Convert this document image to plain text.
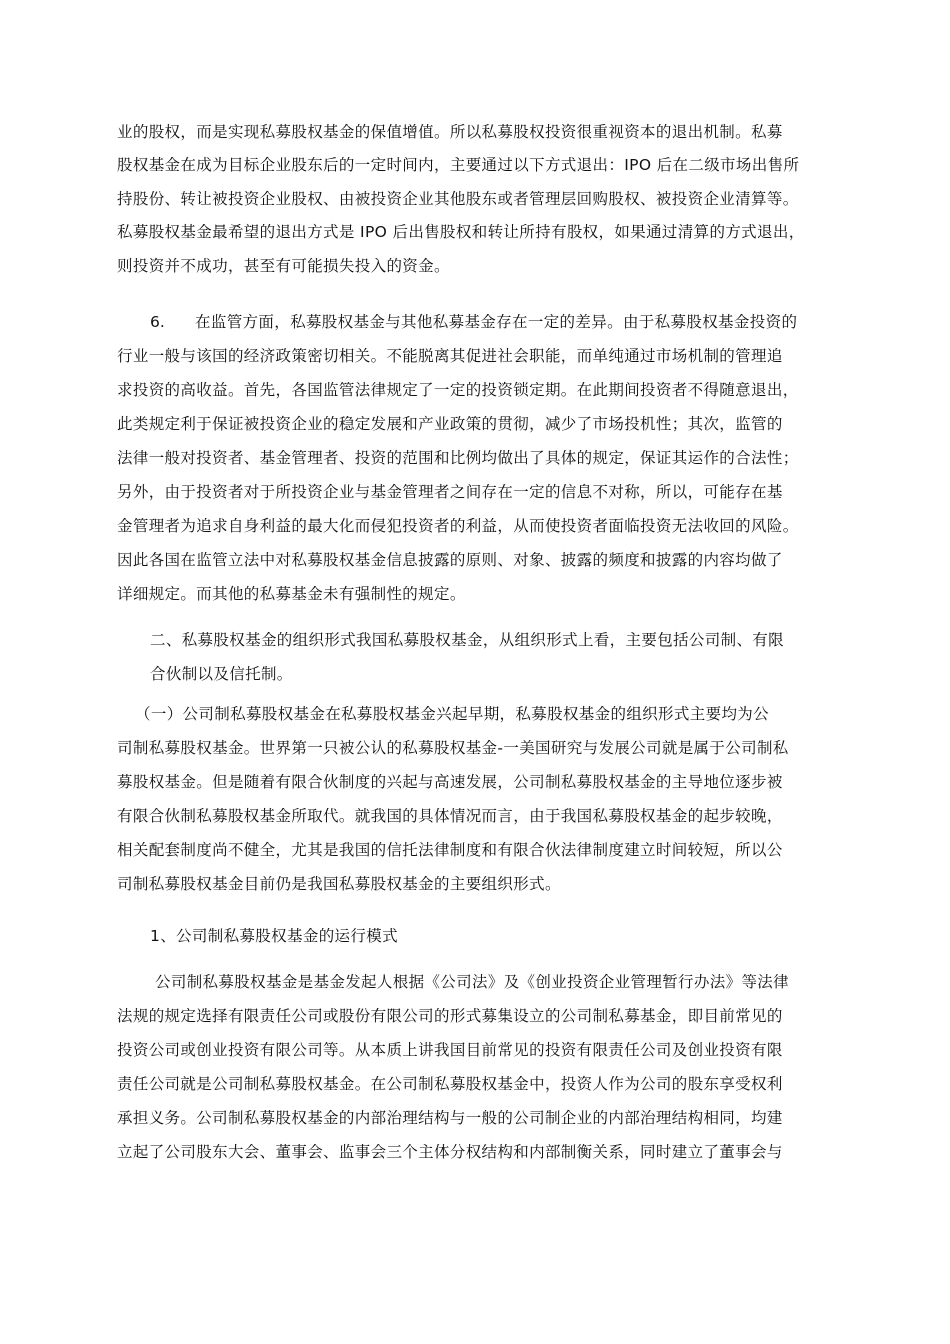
业的股权，而是实现私募股权基金的保值增值。所以私募股权投资很重视资本的退出机制。私募
股权基金在成为目标企业股东后的一定时间内，主要通过以下方式退出：IPO 后在二级市场出售所
持股份、转让被投资企业股权、由被投资企业其他股东或者管理层回购股权、被投资企业清算等。
私募股权基金最希望的退出方式是 IPO 后出售股权和转让所持有股权，如果通过清算的方式退出，
则投资并不成功，甚至有可能损失投入的资金。
6. 在监管方面，私募股权基金与其他私募基金存在一定的差异。由于私募股权基金投资的
行业一般与该国的经济政策密切相关。不能脱离其促进社会职能，而单纯通过市场机制的管理追
求投资的高收益。首先，各国监管法律规定了一定的投资锁定期。在此期间投资者不得随意退出，
此类规定利于保证被投资企业的稳定发展和产业政策的贯彻，减少了市场投机性；其次，监管的
法律一般对投资者、基金管理者、投资的范围和比例均做出了具体的规定，保证其运作的合法性；
另外，由于投资者对于所投资企业与基金管理者之间存在一定的信息不对称，所以，可能存在基
金管理者为追求自身利益的最大化而侵犯投资者的利益，从而使投资者面临投资无法收回的风险。
因此各国在监管立法中对私募股权基金信息披露的原则、对象、披露的频度和披露的内容均做了
详细规定。而其他的私募基金未有强制性的规定。
二、私募股权基金的组织形式我国私募股权基金，从组织形式上看，主要包括公司制、有限
合伙制以及信托制。
（一）公司制私募股权基金在私募股权基金兴起早期，私募股权基金的组织形式主要均为公
司制私募股权基金。世界第一只被公认的私募股权基金-一美国研究与发展公司就是属于公司制私
募股权基金。但是随着有限合伙制度的兴起与高速发展，公司制私募股权基金的主导地位逐步被
有限合伙制私募股权基金所取代。就我国的具体情况而言，由于我国私募股权基金的起步较晚，
相关配套制度尚不健全，尤其是我国的信托法律制度和有限合伙法律制度建立时间较短，所以公
司制私募股权基金目前仍是我国私募股权基金的主要组织形式。
1、公司制私募股权基金的运行模式
公司制私募股权基金是基金发起人根据《公司法》及《创业投资企业管理暂行办法》等法律
法规的规定选择有限责任公司或股份有限公司的形式募集设立的公司制私募基金，即目前常见的
投资公司或创业投资有限公司等。从本质上讲我国目前常见的投资有限责任公司及创业投资有限
责任公司就是公司制私募股权基金。在公司制私募股权基金中，投资人作为公司的股东享受权利
承担义务。公司制私募股权基金的内部治理结构与一般的公司制企业的内部治理结构相同，均建
立起了公司股东大会、董事会、监事会三个主体分权结构和内部制衡关系，同时建立了董事会与
